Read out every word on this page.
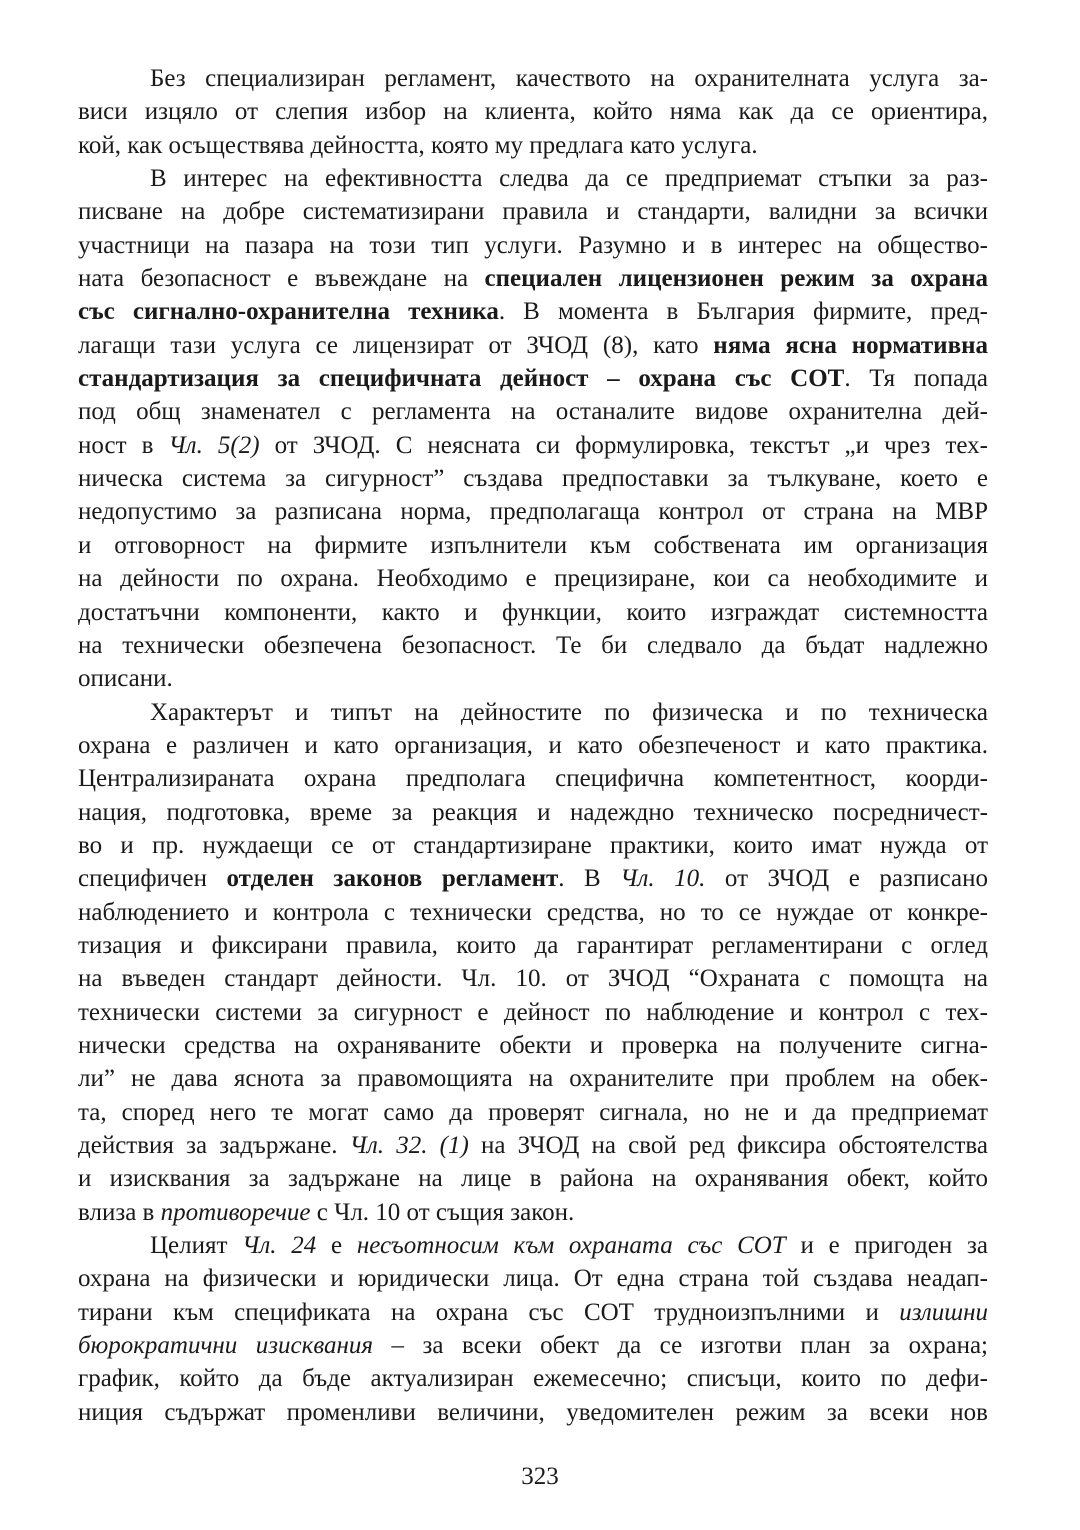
Без специализиран регламент, качеството на охранителната услуга за-
виси изцяло от слепия избор на клиента, който няма как да се ориентира,
кой, как осъществява дейността, която му предлага като услуга.
В интерес на ефективността следва да се предприемат стъпки за раз-
писване на добре систематизирани правила и стандарти, валидни за всички
участници на пазара на този тип услуги. Разумно и в интерес на общество-
ната безопасност е въвеждане на специален лицензионен режим за охрана
със сигнално-охранителна техника. В момента в България фирмите, пред-
лагащи тази услуга се лицензират от ЗЧОД (8), като няма ясна нормативна
стандартизация за специфичната дейност – охрана със СОТ. Тя попада
под общ знаменател с регламента на останалите видове охранителна дей-
ност в Чл. 5(2) от ЗЧОД. С неясната си формулировка, текстът „и чрез тех-
ническа система за сигурност” създава предпоставки за тълкуване, което е
недопустимо за разписана норма, предполагаща контрол от страна на МВР
и отговорност на фирмите изпълнители към собствената им организация
на дейности по охрана. Необходимо е прецизиране, кои са необходимите и
достатъчни компоненти, както и функции, които изграждат системността
на технически обезпечена безопасност. Те би следвало да бъдат надлежно
описани.
Характерът и типът на дейностите по физическа и по техническа
охрана е различен и като организация, и като обезпеченост и като практика.
Централизираната охрана предполага специфична компетентност, коорди-
нация, подготовка, време за реакция и надеждно техническо посредничест-
во и пр. нуждаещи се от стандартизиране практики, които имат нужда от
специфичен отделен законов регламент. В Чл. 10. от ЗЧОД е разписано
наблюдението и контрола с технически средства, но то се нуждае от конкре-
тизация и фиксирани правила, които да гарантират регламентирани с оглед
на въведен стандарт дейности. Чл. 10. от ЗЧОД “Охраната с помощта на
технически системи за сигурност е дейност по наблюдение и контрол с тех-
нически средства на охраняваните обекти и проверка на получените сигна-
ли” не дава яснота за правомощията на охранителите при проблем на обек-
та, според него те могат само да проверят сигнала, но не и да предприемат
действия за задържане. Чл. 32. (1) на ЗЧОД на свой ред фиксира обстоятелства
и изисквания за задържане на лице в района на охранявания обект, който
влиза в противоречие с Чл. 10 от същия закон.
Целият Чл. 24 е несъотносим към охраната със СОТ и е пригоден за
охрана на физически и юридически лица. От една страна той създава неадап-
тирани към спецификата на охрана със СОТ трудноизпълними и излишни
бюрократични изисквания – за всеки обект да се изготви план за охрана;
график, който да бъде актуализиран ежемесечно; списъци, които по дефи-
ниция съдържат променливи величини, уведомителен режим за всеки нов
323
